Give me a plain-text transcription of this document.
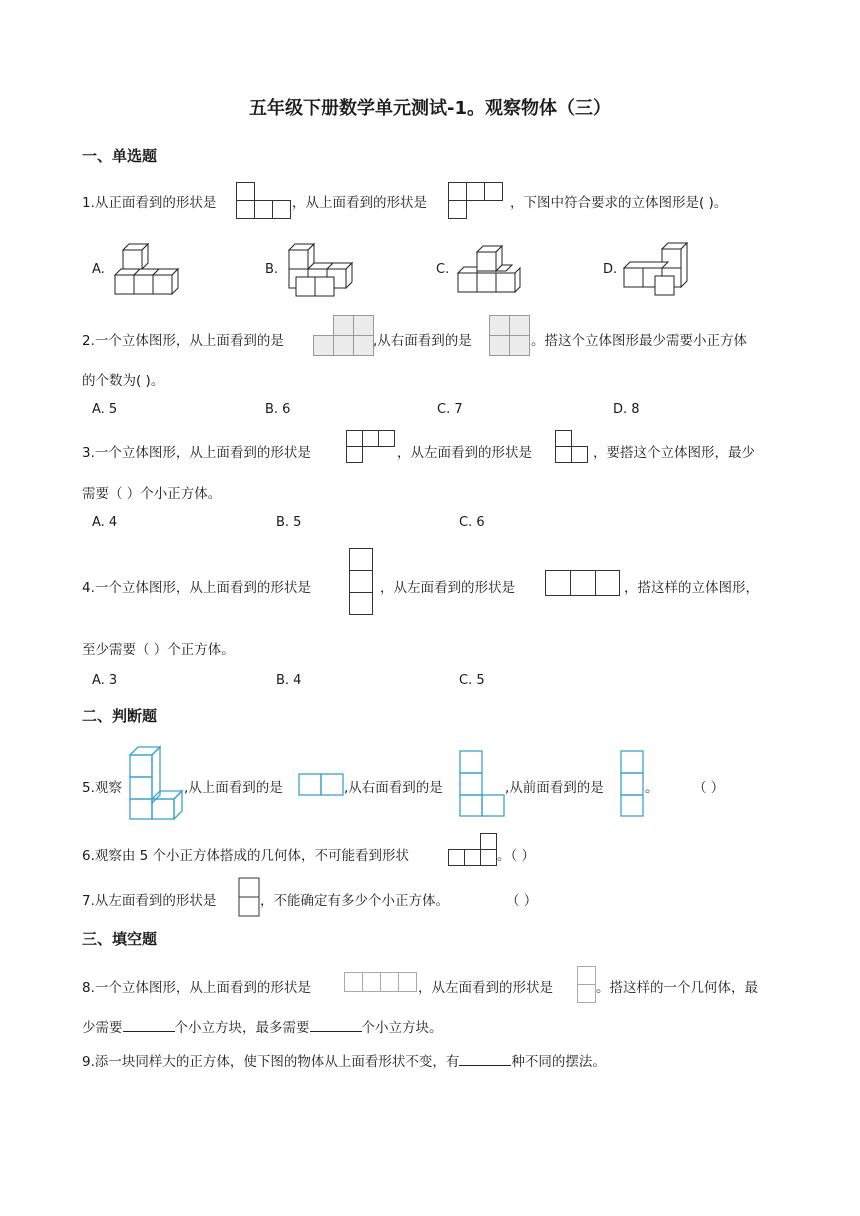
五年级下册数学单元测试-1。观察物体（三）
一、单选题
1.从正面看到的形状是	，从上面看到的形状是	，下图中符合要求的立体图形是( )。
A.	B.	C.	D.
2.一个立体图形，从上面看到的是	,从右面看到的是	。搭这个立体图形最少需要小正方体
的个数为( )。
A. 5	B. 6	C. 7	D. 8
3.一个立体图形，从上面看到的形状是	，从左面看到的形状是	，要搭这个立体图形，最少
需要（ ）个小正方体。
A. 4	B. 5	C. 6
4.一个立体图形，从上面看到的形状是	，从左面看到的形状是	，搭这样的立体图形，
至少需要（ ）个正方体。
A. 3	B. 4	C. 5
二、判断题
5.观察	,从上面看到的是	,从右面看到的是	,从前面看到的是	。	（ ）
6.观察由 5 个小正方体搭成的几何体，不可能看到形状	。（ ）
7.从左面看到的形状是	，不能确定有多少个小正方体。	（ ）
三、填空题
8.一个立体图形，从上面看到的形状是	，从左面看到的形状是	。搭这样的一个几何体，最
少需要	个小立方块，最多需要	个小立方块。
9.添一块同样大的正方体，使下图的物体从上面看形状不变，有	种不同的摆法。
